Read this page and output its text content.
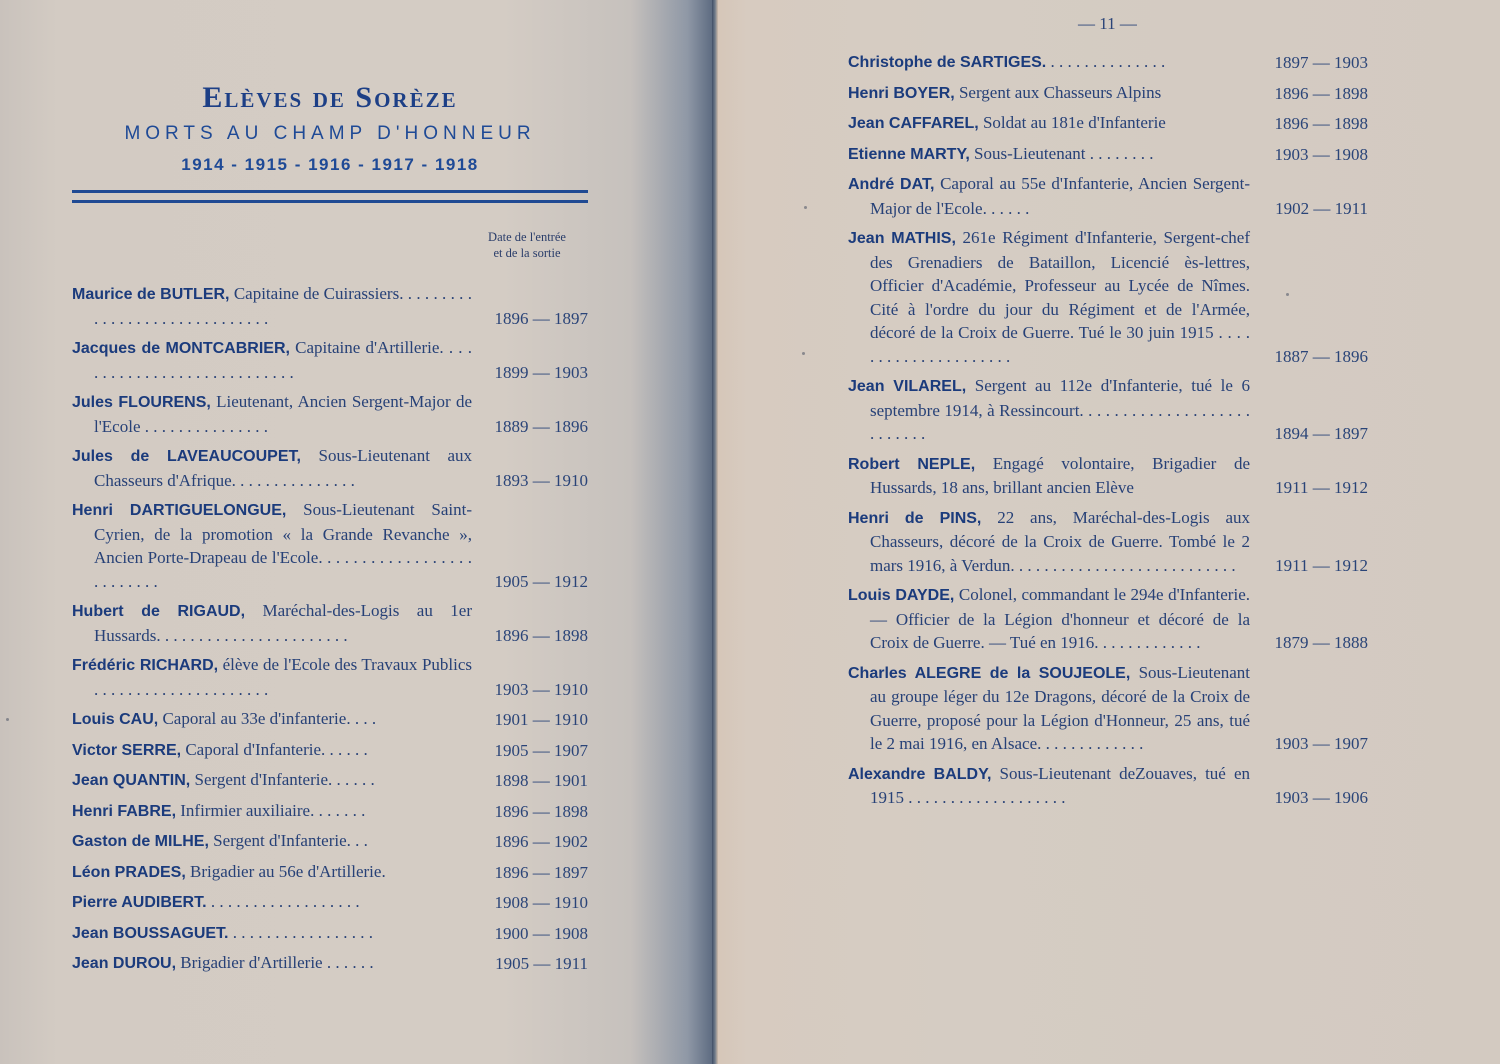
Elèves de Sorèze
MORTS AU CHAMP D'HONNEUR
1914 - 1915 - 1916 - 1917 - 1918
Date de l'entrée
et de la sortie
Maurice de BUTLER, Capitaine de Cuirassiers. . . . . . . . . . . . . . . . . . . . . . . . . . . . . .	1896 — 1897
Jacques de MONTCABRIER, Capitaine d'Artillerie. . . . . . . . . . . . . . . . . . . . . . . . . . . .	1899 — 1903
Jules FLOURENS, Lieutenant, Ancien Sergent-Major de l'Ecole . . . . . . . . . . . . . . .	1889 — 1896
Jules de LAVEAUCOUPET, Sous-Lieutenant aux Chasseurs d'Afrique. . . . . . . . . . . . . . .	1893 — 1910
Henri DARTIGUELONGUE, Sous-Lieutenant Saint-Cyrien, de la promotion « la Grande Revanche », Ancien Porte-Drapeau de l'Ecole. . . . . . . . . . . . . . . . . . . . . . . . . .	1905 — 1912
Hubert de RIGAUD, Maréchal-des-Logis au 1er Hussards. . . . . . . . . . . . . . . . . . . . . . .	1896 — 1898
Frédéric RICHARD, élève de l'Ecole des Travaux Publics . . . . . . . . . . . . . . . . . . . . .	1903 — 1910
Louis CAU, Caporal au 33e d'infanterie. . . .	1901 — 1910
Victor SERRE, Caporal d'Infanterie. . . . . .	1905 — 1907
Jean QUANTIN, Sergent d'Infanterie. . . . . .	1898 — 1901
Henri FABRE, Infirmier auxiliaire. . . . . . .	1896 — 1898
Gaston de MILHE, Sergent d'Infanterie. . .	1896 — 1902
Léon PRADES, Brigadier au 56e d'Artillerie.	1896 — 1897
Pierre AUDIBERT. . . . . . . . . . . . . . . . . . .	1908 — 1910
Jean BOUSSAGUET. . . . . . . . . . . . . . . . . .	1900 — 1908
Jean DUROU, Brigadier d'Artillerie . . . . . .	1905 — 1911
— 11 —
Christophe de SARTIGES. . . . . . . . . . . . . . .	1897 — 1903
Henri BOYER, Sergent aux Chasseurs Alpins	1896 — 1898
Jean CAFFAREL, Soldat au 181e d'Infanterie	1896 — 1898
Etienne MARTY, Sous-Lieutenant . . . . . . . .	1903 — 1908
André DAT, Caporal au 55e d'Infanterie, Ancien Sergent-Major de l'Ecole. . . . . .	1902 — 1911
Jean MATHIS, 261e Régiment d'Infanterie, Sergent-chef des Grenadiers de Bataillon, Licencié ès-lettres, Officier d'Académie, Professeur au Lycée de Nîmes. Cité à l'ordre du jour du Régiment et de l'Armée, décoré de la Croix de Guerre. Tué le 30 juin 1915 . . . . . . . . . . . . . . . . . . . . .	1887 — 1896
Jean VILAREL, Sergent au 112e d'Infanterie, tué le 6 septembre 1914, à Ressincourt. . . . . . . . . . . . . . . . . . . . . . . . . . .	1894 — 1897
Robert NEPLE, Engagé volontaire, Brigadier de Hussards, 18 ans, brillant ancien Elève	1911 — 1912
Henri de PINS, 22 ans, Maréchal-des-Logis aux Chasseurs, décoré de la Croix de Guerre. Tombé le 2 mars 1916, à Verdun. . . . . . . . . . . . . . . . . . . . . . . . . . .	1911 — 1912
Louis DAYDE, Colonel, commandant le 294e d'Infanterie. — Officier de la Légion d'honneur et décoré de la Croix de Guerre. — Tué en 1916. . . . . . . . . . . . .	1879 — 1888
Charles ALEGRE de la SOUJEOLE, Sous-Lieutenant au groupe léger du 12e Dragons, décoré de la Croix de Guerre, proposé pour la Légion d'Honneur, 25 ans, tué le 2 mai 1916, en Alsace. . . . . . . . . . . . .	1903 — 1907
Alexandre BALDY, Sous-Lieutenant deZouaves, tué en 1915 . . . . . . . . . . . . . . . . . . .	1903 — 1906
